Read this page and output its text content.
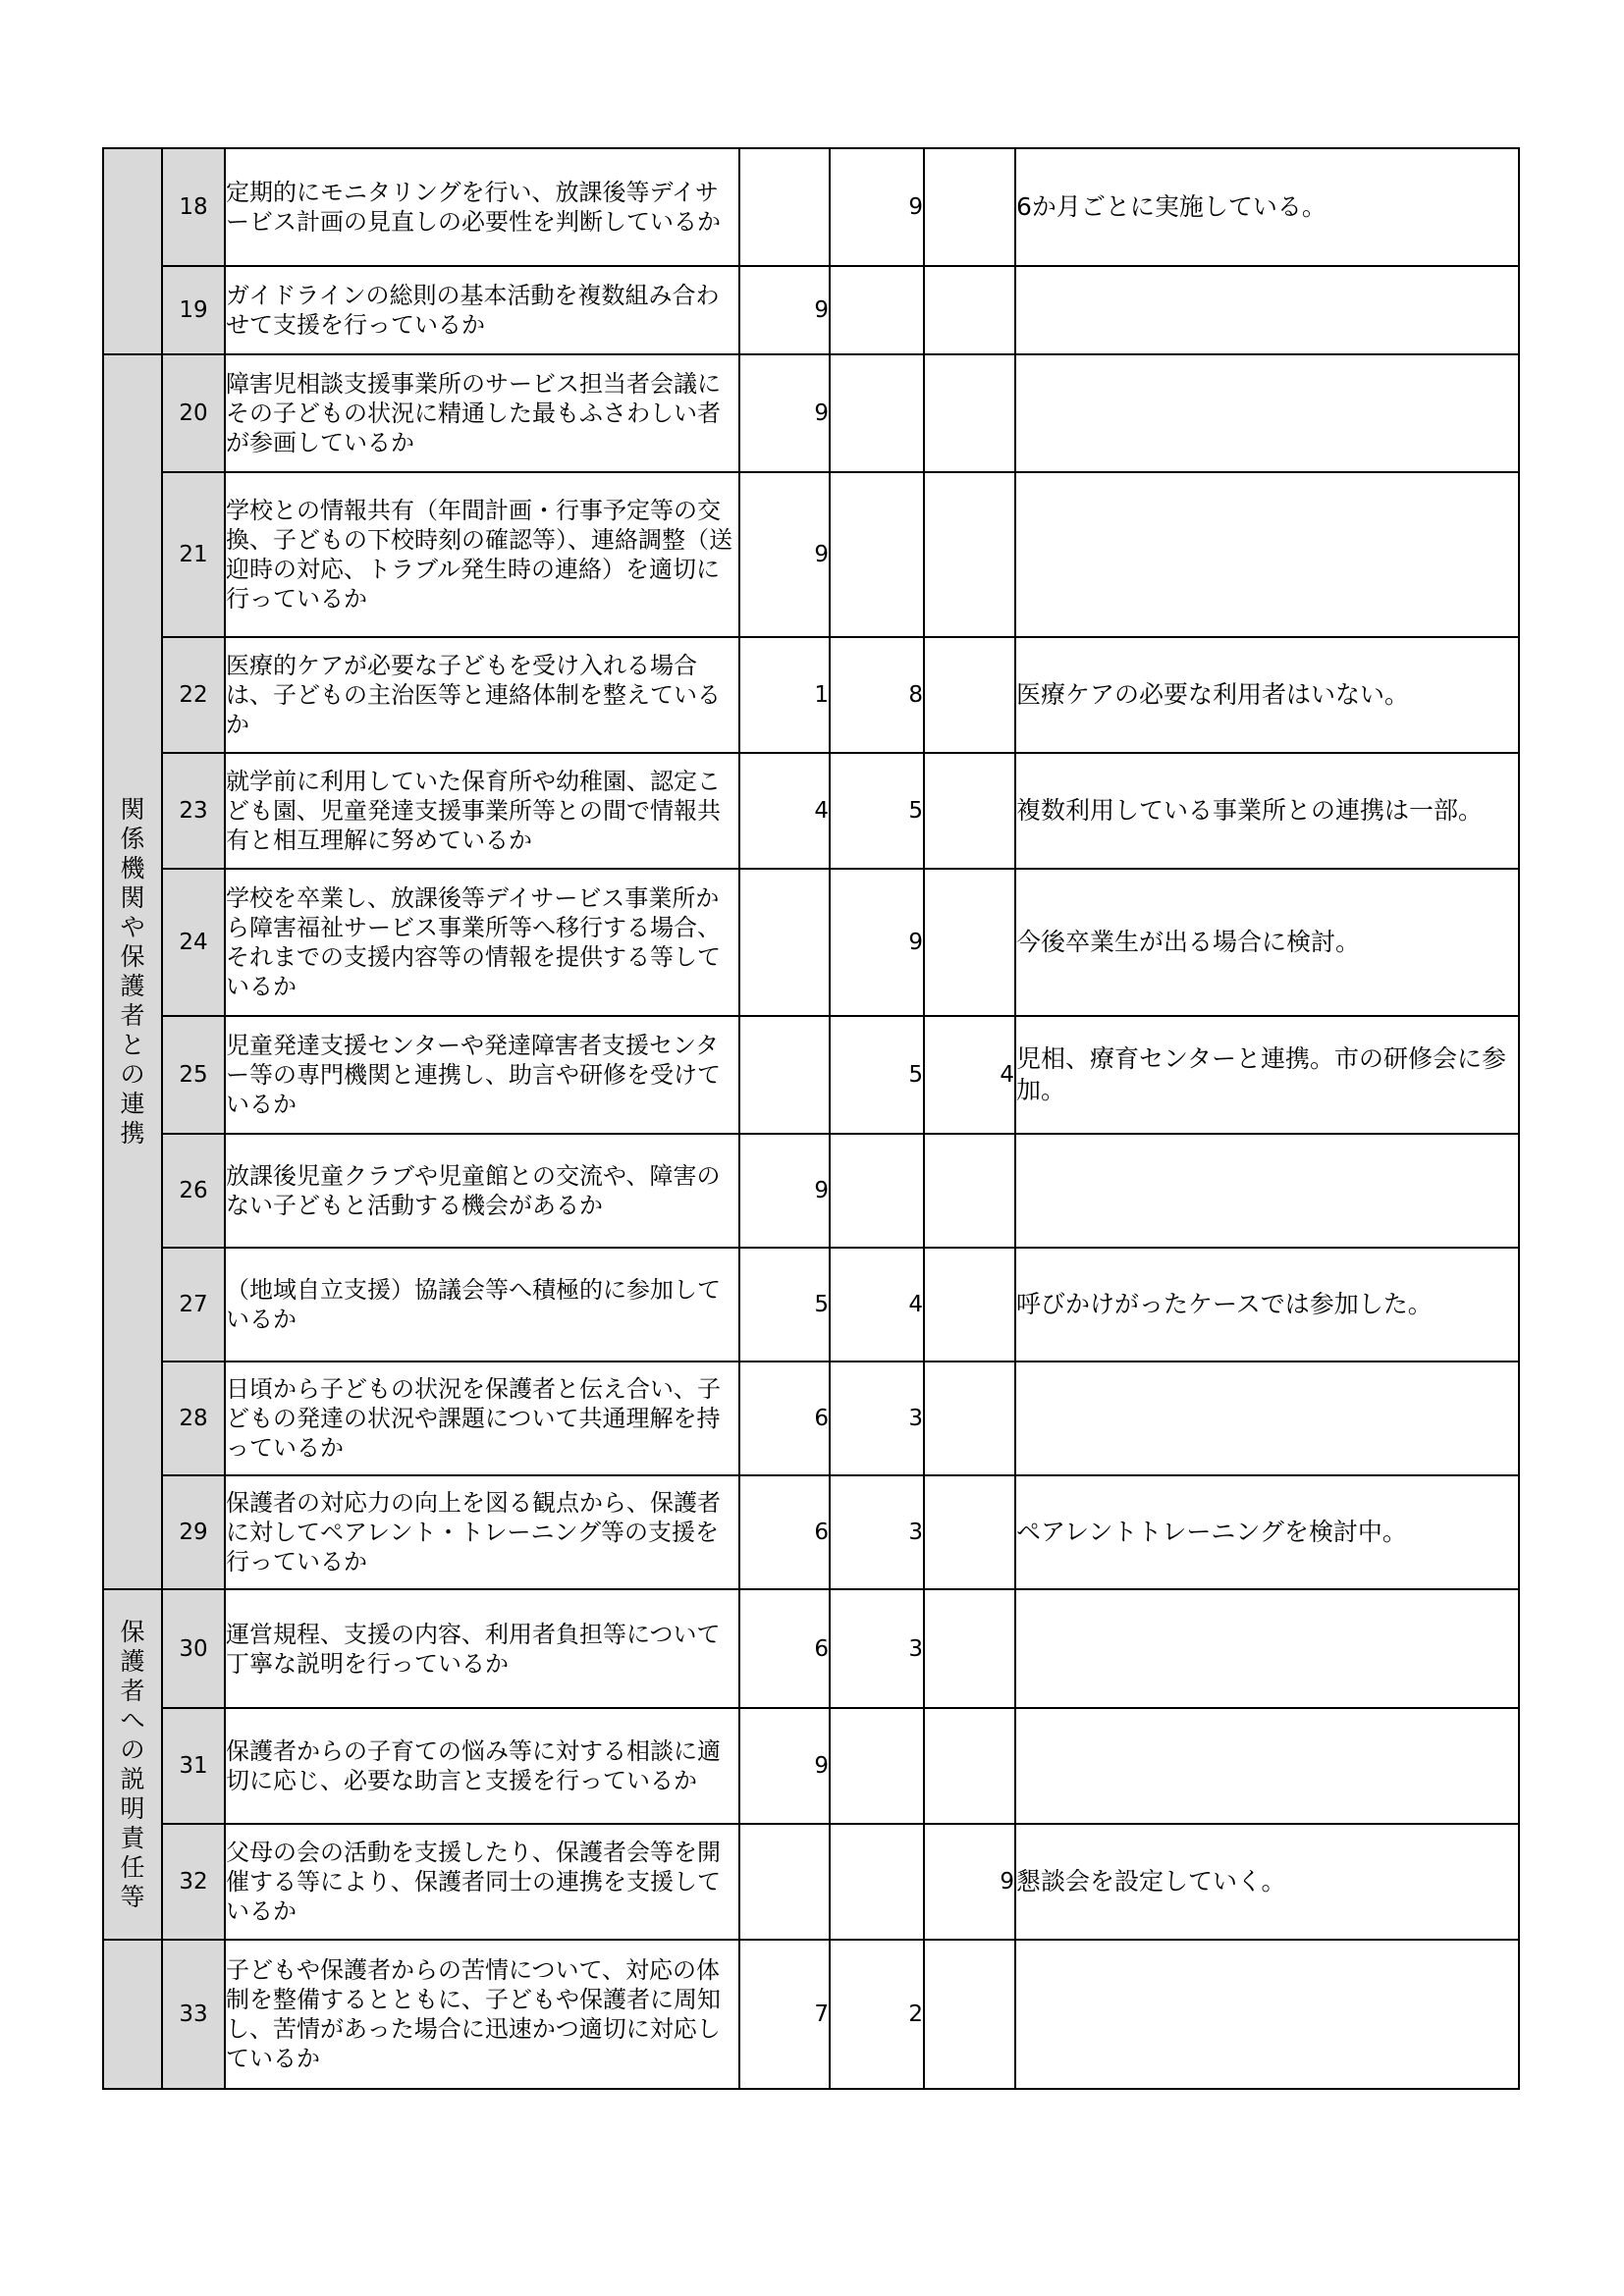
	18	定期的にモニタリングを行い、放課後等デイサービス計画の見直しの必要性を判断しているか		9		6か月ごとに実施している。
	19	ガイドラインの総則の基本活動を複数組み合わせて支援を行っているか	9			
関係機関や保護者との連携	20	障害児相談支援事業所のサービス担当者会議にその子どもの状況に精通した最もふさわしい者が参画しているか	9			
	21	学校との情報共有（年間計画・行事予定等の交換、子どもの下校時刻の確認等）、連絡調整（送迎時の対応、トラブル発生時の連絡）を適切に行っているか	9			
	22	医療的ケアが必要な子どもを受け入れる場合は、子どもの主治医等と連絡体制を整えているか	1	8		医療ケアの必要な利用者はいない。
	23	就学前に利用していた保育所や幼稚園、認定こども園、児童発達支援事業所等との間で情報共有と相互理解に努めているか	4	5		複数利用している事業所との連携は一部。
	24	学校を卒業し、放課後等デイサービス事業所から障害福祉サービス事業所等へ移行する場合、それまでの支援内容等の情報を提供する等しているか		9		今後卒業生が出る場合に検討。
	25	児童発達支援センターや発達障害者支援センター等の専門機関と連携し、助言や研修を受けているか		5	4	児相、療育センターと連携。市の研修会に参加。
	26	放課後児童クラブや児童館との交流や、障害のない子どもと活動する機会があるか	9			
	27	（地域自立支援）協議会等へ積極的に参加しているか	5	4		呼びかけがったケースでは参加した。
	28	日頃から子どもの状況を保護者と伝え合い、子どもの発達の状況や課題について共通理解を持っているか	6	3		
	29	保護者の対応力の向上を図る観点から、保護者に対してペアレント・トレーニング等の支援を行っているか	6	3		ペアレントトレーニングを検討中。
保護者への説明責任等	30	運営規程、支援の内容、利用者負担等について丁寧な説明を行っているか	6	3		
	31	保護者からの子育ての悩み等に対する相談に適切に応じ、必要な助言と支援を行っているか	9			
	32	父母の会の活動を支援したり、保護者会等を開催する等により、保護者同士の連携を支援しているか			9	懇談会を設定していく。
	33	子どもや保護者からの苦情について、対応の体制を整備するとともに、子どもや保護者に周知し、苦情があった場合に迅速かつ適切に対応しているか	7	2		
